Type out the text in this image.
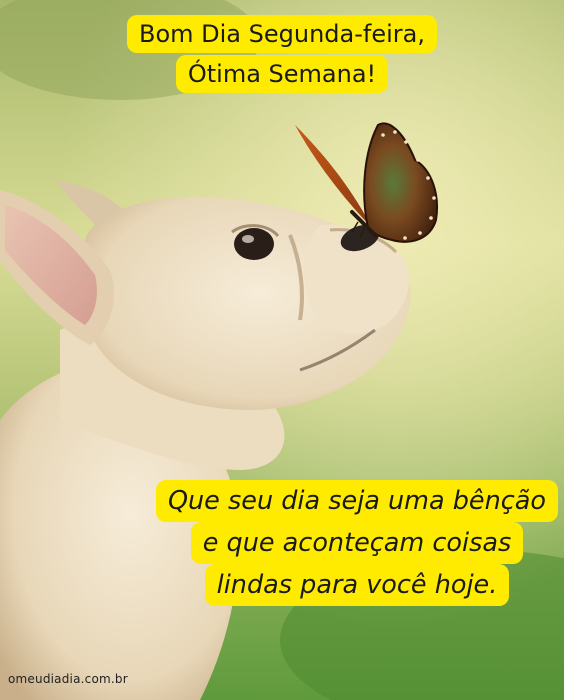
Bom Dia Segunda-feira,
Ótima Semana!
Que seu dia seja uma bênção
e que aconteçam coisas
lindas para você hoje.
omeudiadia.com.br
